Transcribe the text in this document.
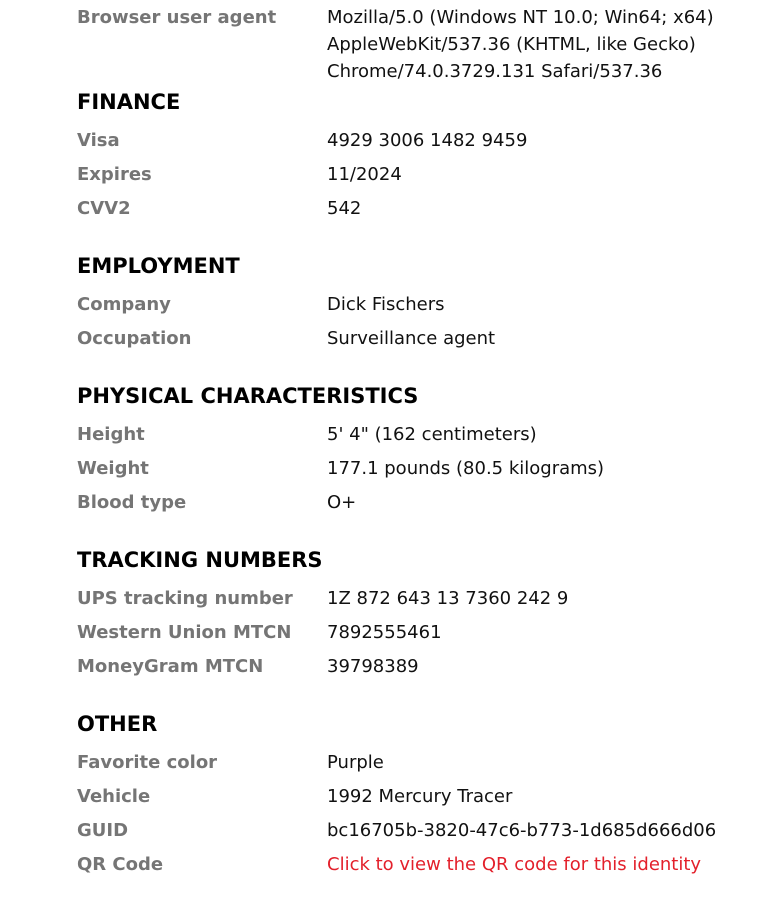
Browser user agent	Mozilla/5.0 (Windows NT 10.0; Win64; x64)
AppleWebKit/537.36 (KHTML, like Gecko)
Chrome/74.0.3729.131 Safari/537.36
FINANCE
Visa	4929 3006 1482 9459
Expires	11/2024
CVV2	542
EMPLOYMENT
Company	Dick Fischers
Occupation	Surveillance agent
PHYSICAL CHARACTERISTICS
Height	5' 4" (162 centimeters)
Weight	177.1 pounds (80.5 kilograms)
Blood type	O+
TRACKING NUMBERS
UPS tracking number	1Z 872 643 13 7360 242 9
Western Union MTCN	7892555461
MoneyGram MTCN	39798389
OTHER
Favorite color	Purple
Vehicle	1992 Mercury Tracer
GUID	bc16705b-3820-47c6-b773-1d685d666d06
QR Code	Click to view the QR code for this identity
